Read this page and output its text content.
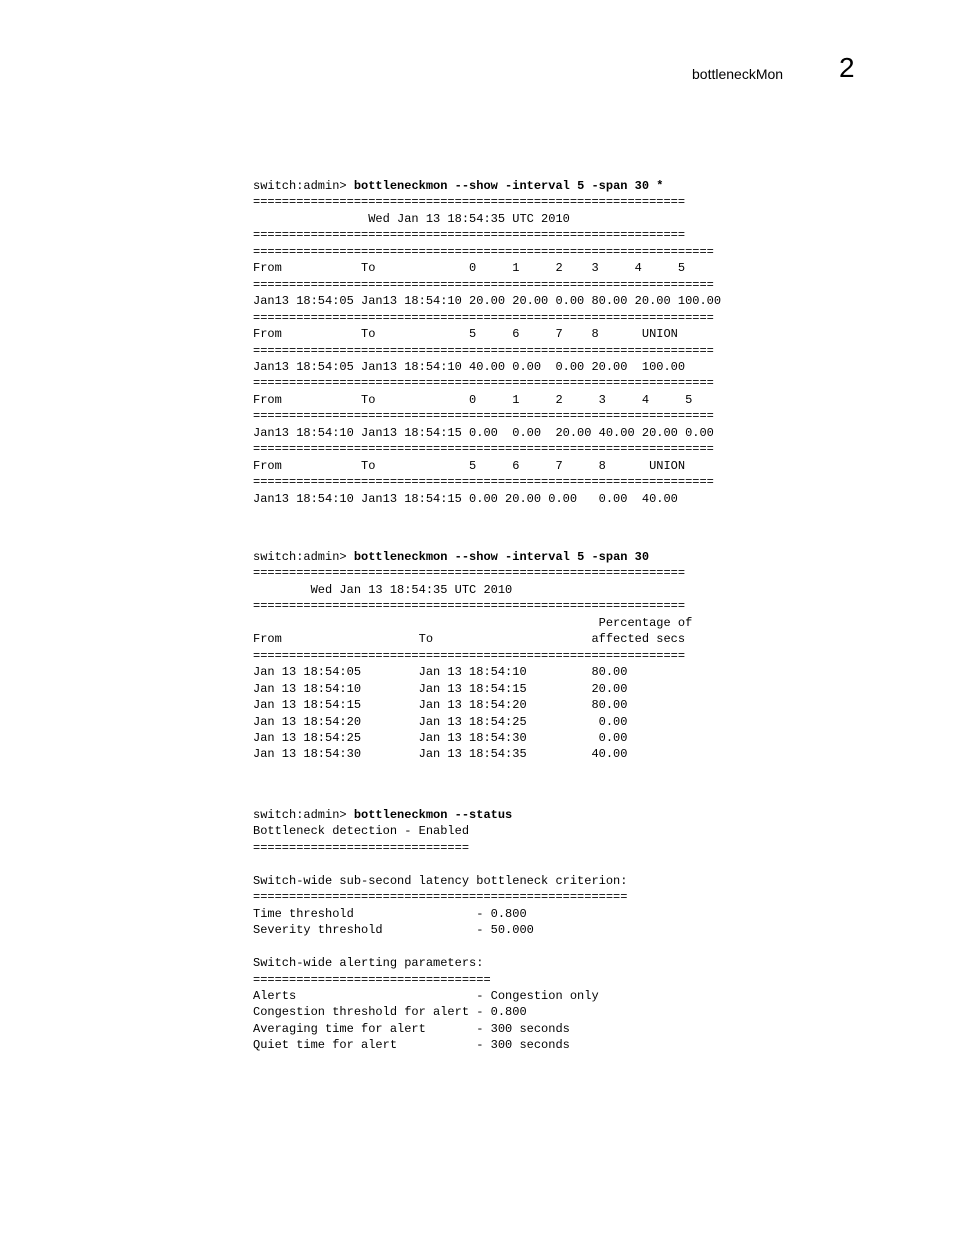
bottleneckMon 2
switch:admin> bottleneckmon --show -interval 5 -span 30 *
============================================================
Wed Jan 13 18:54:35 UTC 2010
============================================================
================================================================
From           To             0     1     2    3     4     5
================================================================
Jan13 18:54:05 Jan13 18:54:10 20.00 20.00 0.00 80.00 20.00 100.00
================================================================
From           To             5     6     7    8      UNION
================================================================
Jan13 18:54:05 Jan13 18:54:10 40.00 0.00  0.00 20.00  100.00
================================================================
From           To             0     1     2     3     4     5
================================================================
Jan13 18:54:10 Jan13 18:54:15 0.00  0.00  20.00 40.00 20.00 0.00
================================================================
From           To             5     6     7     8      UNION
================================================================
Jan13 18:54:10 Jan13 18:54:15 0.00 20.00 0.00   0.00  40.00
switch:admin> bottleneckmon --show -interval 5 -span 30
============================================================
Wed Jan 13 18:54:35 UTC 2010
============================================================
Percentage of
From                   To                      affected secs
============================================================
Jan 13 18:54:05        Jan 13 18:54:10         80.00
Jan 13 18:54:10        Jan 13 18:54:15         20.00
Jan 13 18:54:15        Jan 13 18:54:20         80.00
Jan 13 18:54:20        Jan 13 18:54:25          0.00
Jan 13 18:54:25        Jan 13 18:54:30          0.00
Jan 13 18:54:30        Jan 13 18:54:35         40.00
switch:admin> bottleneckmon --status
Bottleneck detection - Enabled
==============================

Switch-wide sub-second latency bottleneck criterion:
====================================================
Time threshold                 - 0.800
Severity threshold             - 50.000

Switch-wide alerting parameters:
=================================
Alerts                         - Congestion only
Congestion threshold for alert - 0.800
Averaging time for alert       - 300 seconds
Quiet time for alert           - 300 seconds
